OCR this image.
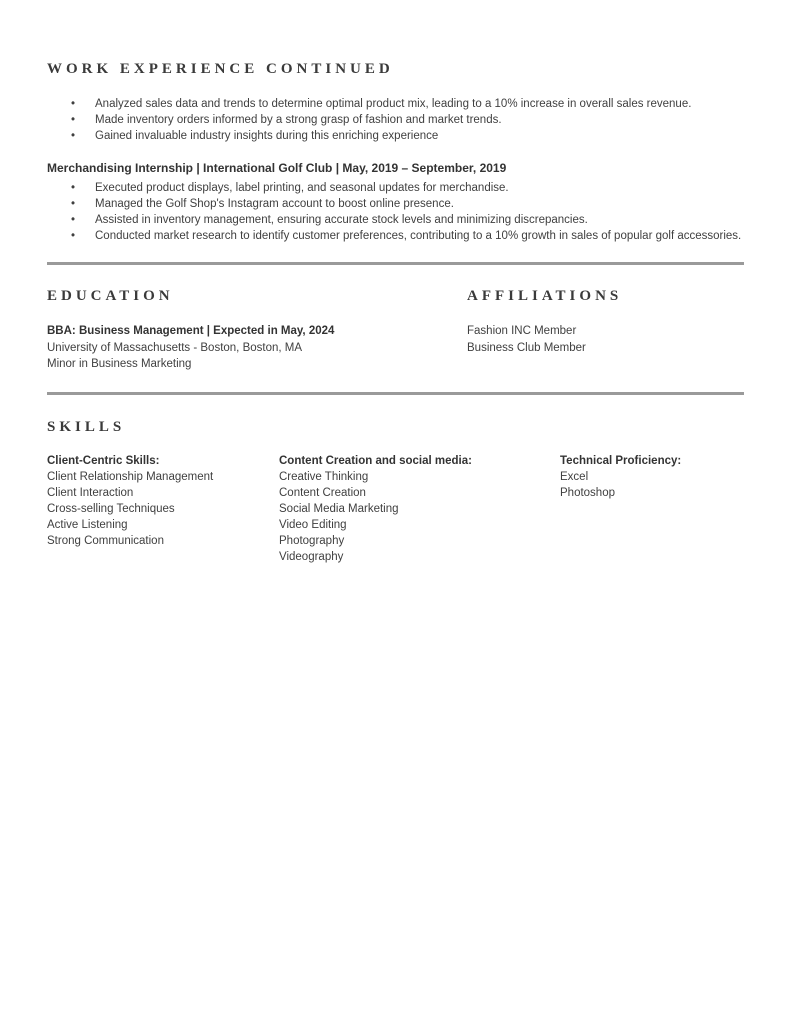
WORK EXPERIENCE CONTINUED
• Analyzed sales data and trends to determine optimal product mix, leading to a 10% increase in overall sales revenue.
• Made inventory orders informed by a strong grasp of fashion and market trends.
• Gained invaluable industry insights during this enriching experience
Merchandising Internship | International Golf Club | May, 2019 – September, 2019
• Executed product displays, label printing, and seasonal updates for merchandise.
• Managed the Golf Shop's Instagram account to boost online presence.
• Assisted in inventory management, ensuring accurate stock levels and minimizing discrepancies.
• Conducted market research to identify customer preferences, contributing to a 10% growth in sales of popular golf accessories.
EDUCATION
BBA: Business Management | Expected in May, 2024
University of Massachusetts - Boston, Boston, MA
Minor in Business Marketing
AFFILIATIONS
Fashion INC Member
Business Club Member
SKILLS
Client-Centric Skills:
Client Relationship Management
Client Interaction
Cross-selling Techniques
Active Listening
Strong Communication
Content Creation and social media:
Creative Thinking
Content Creation
Social Media Marketing
Video Editing
Photography
Videography
Technical Proficiency:
Excel
Photoshop
